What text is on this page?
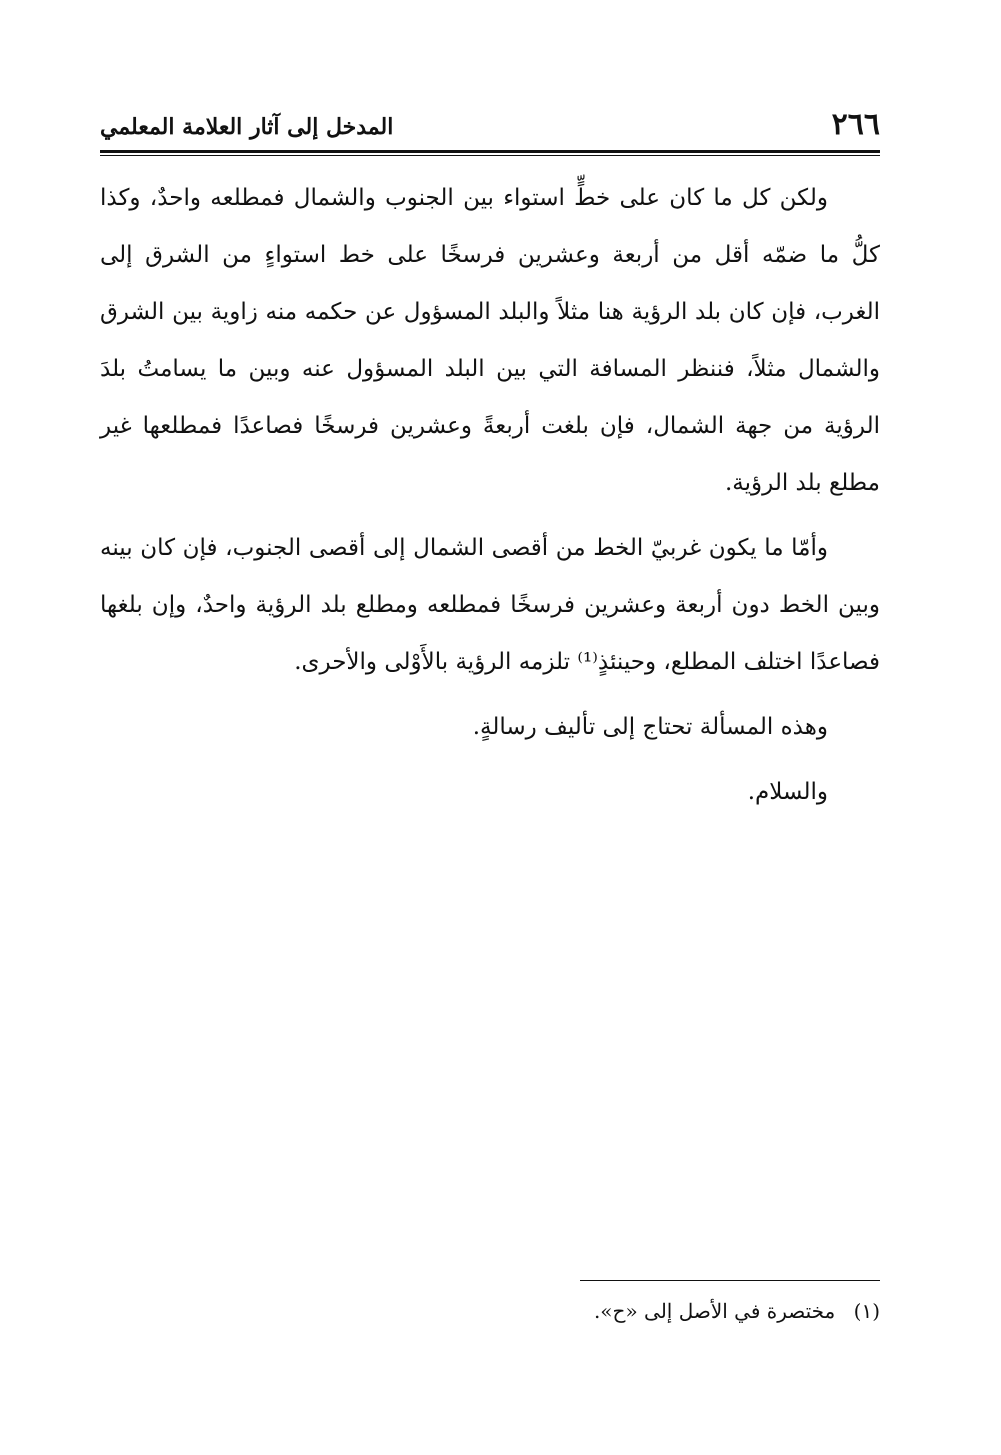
٢٦٦
المدخل إلى آثار العلامة المعلمي

ولكن كل ما كان على خطٍّ استواء بين الجنوب والشمال فمطلعه واحدٌ، وكذا كلُّ ما ضمّه أقل من أربعة وعشرين فرسخًا على خط استواءٍ من الشرق إلى الغرب، فإن كان بلد الرؤية هنا مثلاً والبلد المسؤول عن حكمه منه زاوية بين الشرق والشمال مثلاً، فننظر المسافة التي بين البلد المسؤول عنه وبين ما يسامتُ بلدَ الرؤية من جهة الشمال، فإن بلغت أربعةً وعشرين فرسخًا فصاعدًا فمطلعها غير مطلع بلد الرؤية.

وأمّا ما يكون غربيّ الخط من أقصى الشمال إلى أقصى الجنوب، فإن كان بينه وبين الخط دون أربعة وعشرين فرسخًا فمطلعه ومطلع بلد الرؤية واحدٌ، وإن بلغها فصاعدًا اختلف المطلع، وحينئذٍ⁽¹⁾ تلزمه الرؤية بالأَوْلى والأحرى.

وهذه المسألة تحتاج إلى تأليف رسالةٍ.

والسلام.

(١) مختصرة في الأصل إلى «ح».
